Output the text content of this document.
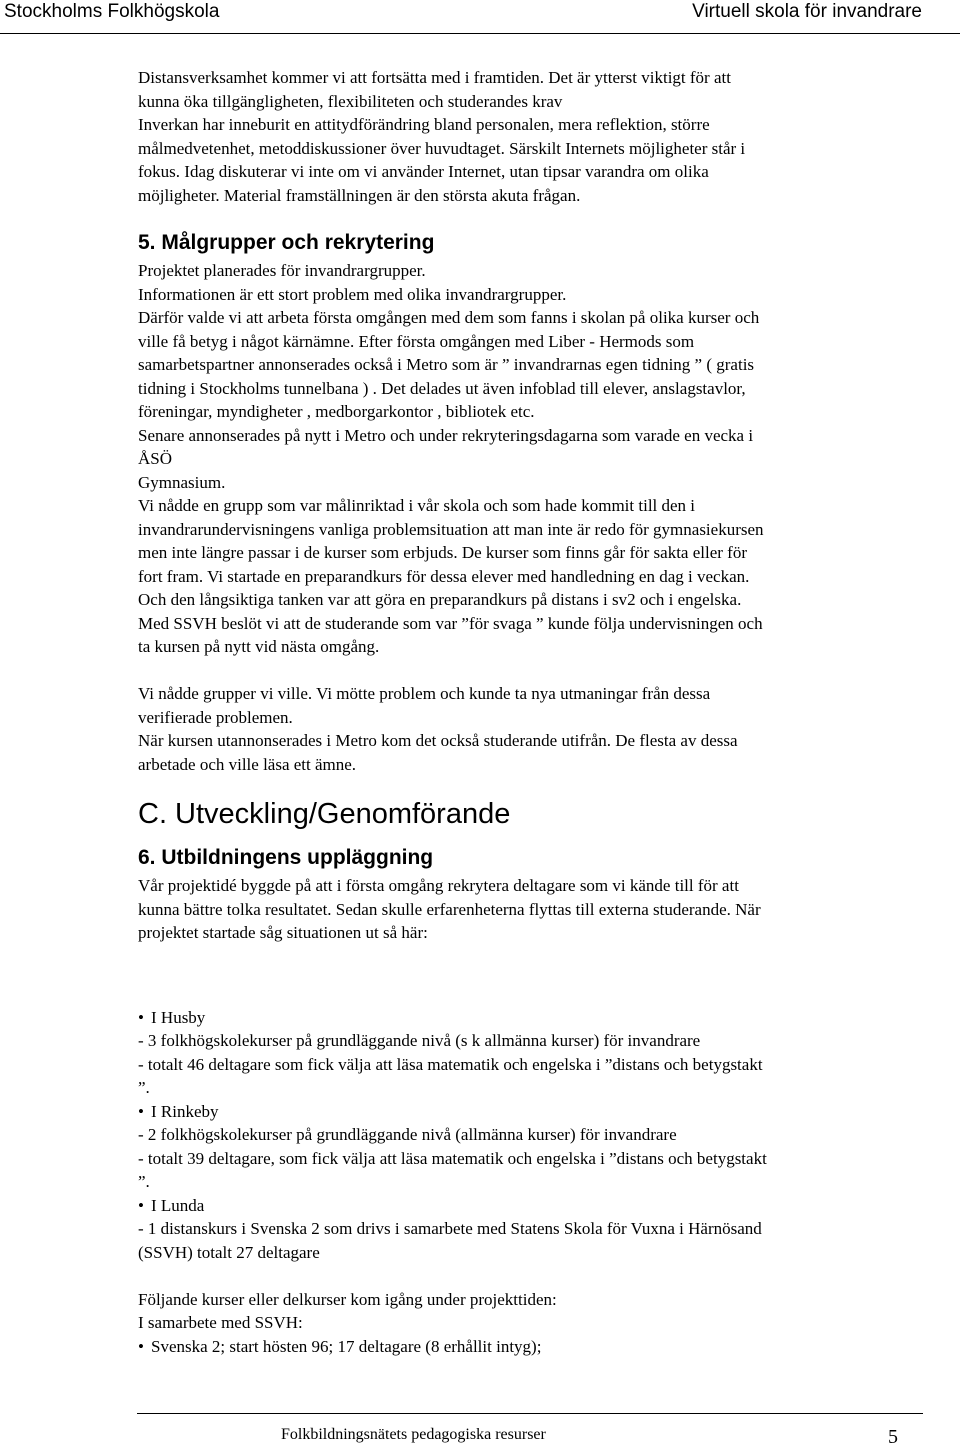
Stockholms Folkhögskola	Virtuell skola för invandrare

Distansverksamhet kommer vi att fortsätta med i framtiden. Det är ytterst viktigt för att

kunna öka tillgängligheten, flexibiliteten och studerandes krav

Inverkan har inneburit en attitydförändring bland personalen, mera reflektion, större

målmedvetenhet, metoddiskussioner över huvudtaget. Särskilt Internets möjligheter står i

fokus. Idag diskuterar vi inte om vi använder Internet, utan tipsar varandra om olika

möjligheter. Material framställningen är den största akuta frågan.

5. Målgrupper och rekrytering

Projektet planerades för invandrargrupper.

Informationen är ett stort problem med olika invandrargrupper.

Därför valde vi att arbeta första omgången med dem som fanns i skolan på olika kurser och

ville få betyg i något kärnämne. Efter första omgången med Liber - Hermods som

samarbetspartner annonserades också i Metro som är ” invandrarnas egen tidning ” ( gratis

tidning i Stockholms tunnelbana ) . Det delades ut även infoblad till elever, anslagstavlor,

föreningar, myndigheter , medborgarkontor , bibliotek etc.

Senare annonserades på nytt i Metro och under rekryteringsdagarna som varade en vecka i

ÅSÖ

Gymnasium.

Vi nådde en grupp som var målinriktad i vår skola och som hade kommit till den i

invandrarundervisningens vanliga problemsituation att man inte är redo för gymnasiekursen

men inte längre passar i de kurser som erbjuds. De kurser som finns går för sakta eller för

fort fram. Vi startade en preparandkurs för dessa elever med handledning en dag i veckan.

Och den långsiktiga tanken var att göra en preparandkurs på distans i sv2 och i engelska.

Med SSVH beslöt vi att de studerande som var ”för svaga ” kunde följa undervisningen och

ta kursen på nytt vid nästa omgång.

Vi nådde grupper vi ville. Vi mötte problem och kunde ta nya utmaningar från dessa

verifierade problemen.

När kursen utannonserades i Metro kom det också studerande utifrån. De flesta av dessa

arbetade och ville läsa ett ämne.

C. Utveckling/Genomförande
6. Utbildningens uppläggning

Vår projektidé byggde på att i första omgång rekrytera deltagare som vi kände till för att

kunna bättre tolka resultatet. Sedan skulle erfarenheterna flyttas till externa studerande. När

projektet startade såg situationen ut så här:

• I Husby

- 3 folkhögskolekurser på grundläggande nivå (s k allmänna kurser) för invandrare

- totalt 46 deltagare som fick välja att läsa matematik och engelska i ”distans och betygstakt

”.

• I Rinkeby

- 2 folkhögskolekurser på grundläggande nivå (allmänna kurser) för invandrare

- totalt 39 deltagare, som fick välja att läsa matematik och engelska i ”distans och betygstakt

”.

• I Lunda

- 1 distanskurs i Svenska 2 som drivs i samarbete med Statens Skola för Vuxna i Härnösand

(SSVH) totalt 27 deltagare

Följande kurser eller delkurser kom igång under projekttiden:

I samarbete med SSVH:

• Svenska 2; start hösten 96; 17 deltagare (8 erhållit intyg);
Folkbildningsnätets pedagogiska resurser	5
